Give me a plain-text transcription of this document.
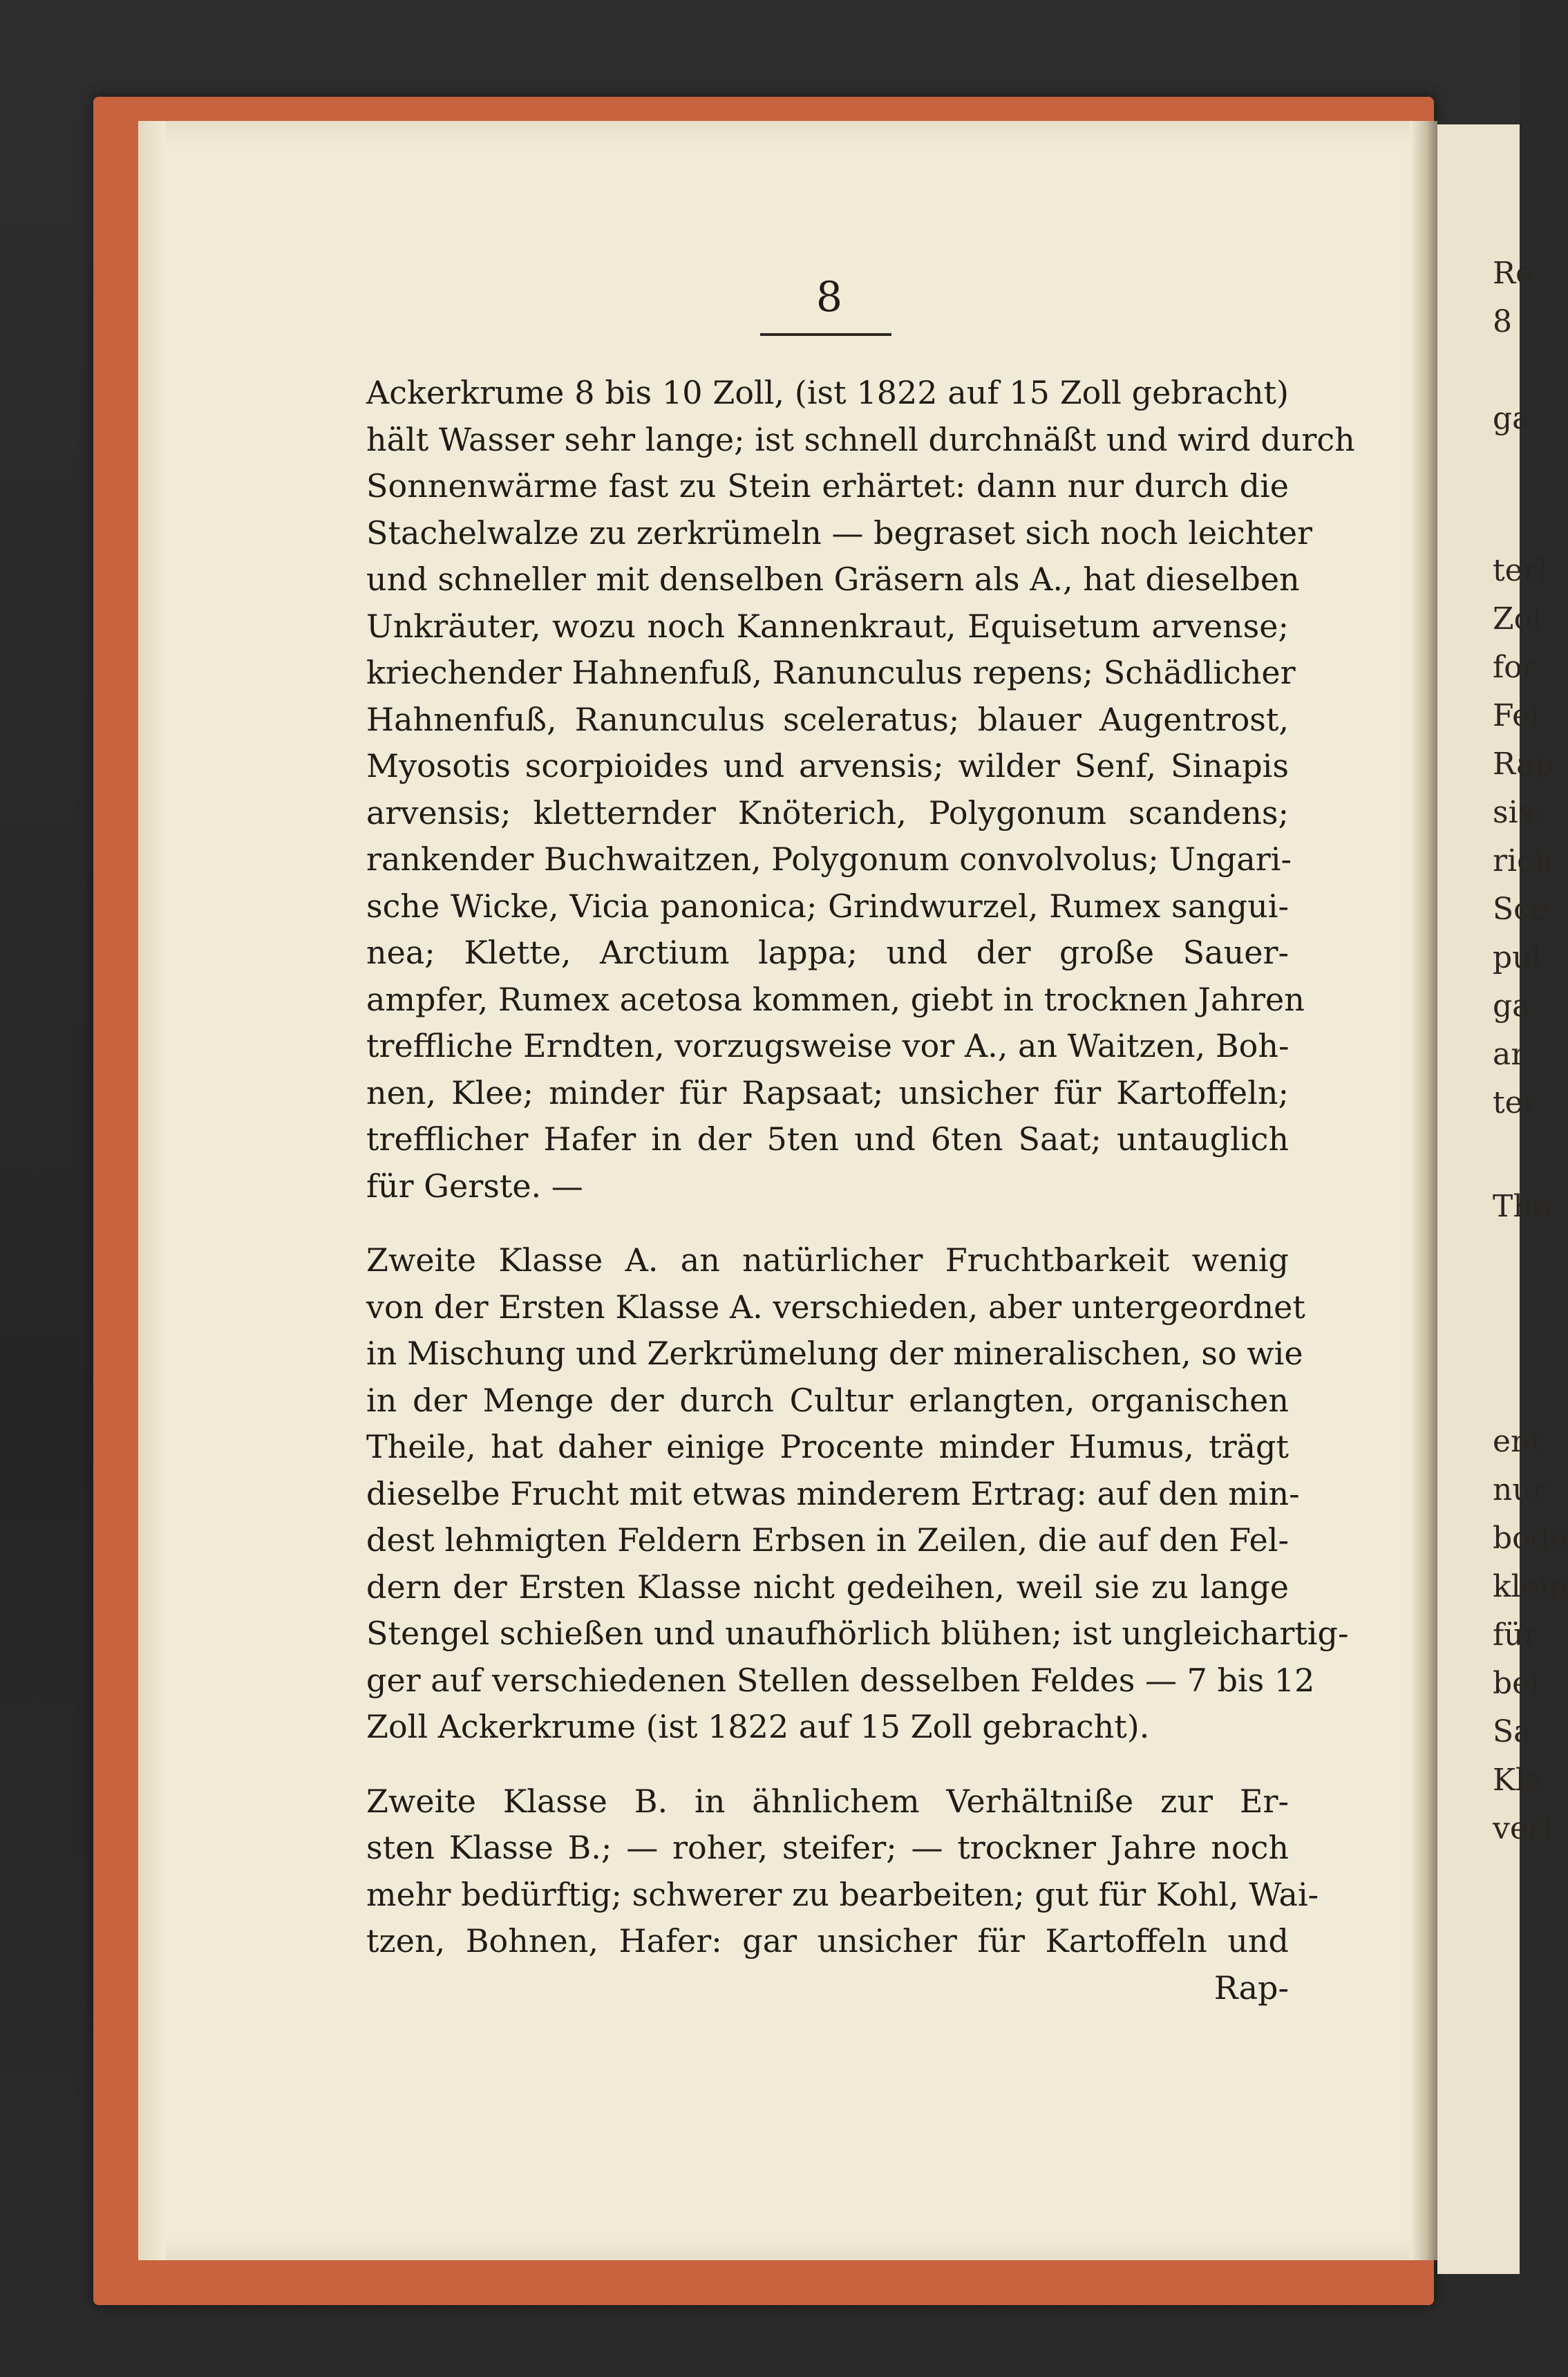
Re
8
ga
terl
Zol
for
Fel
Rap
sis;
rich
Sce
pul
ga
ar
ter.
Tho
ent
nur
bode
klein
für
bei
Sa
Kla
verl
8
Ackerkrume 8 bis 10 Zoll, (ist 1822 auf 15 Zoll gebracht)
hält Wasser sehr lange; ist schnell durchnäßt und wird durch
Sonnenwärme fast zu Stein erhärtet: dann nur durch die
Stachelwalze zu zerkrümeln — begraset sich noch leichter
und schneller mit denselben Gräsern als A., hat dieselben
Unkräuter, wozu noch Kannenkraut, Equisetum arvense;
kriechender Hahnenfuß, Ranunculus repens; Schädlicher
Hahnenfuß, Ranunculus sceleratus; blauer Augentrost,
Myosotis scorpioides und arvensis; wilder Senf, Sinapis
arvensis; kletternder Knöterich, Polygonum scandens;
rankender Buchwaitzen, Polygonum convolvolus; Ungari-
sche Wicke, Vicia panonica; Grindwurzel, Rumex sangui-
nea; Klette, Arctium lappa; und der große Sauer-
ampfer, Rumex acetosa kommen, giebt in trocknen Jahren
treffliche Erndten, vorzugsweise vor A., an Waitzen, Boh-
nen, Klee; minder für Rapsaat; unsicher für Kartoffeln;
trefflicher Hafer in der 5ten und 6ten Saat; untauglich
für Gerste. —
Zweite Klasse A. an natürlicher Fruchtbarkeit wenig
von der Ersten Klasse A. verschieden, aber untergeordnet
in Mischung und Zerkrümelung der mineralischen, so wie
in der Menge der durch Cultur erlangten, organischen
Theile, hat daher einige Procente minder Humus, trägt
dieselbe Frucht mit etwas minderem Ertrag: auf den min-
dest lehmigten Feldern Erbsen in Zeilen, die auf den Fel-
dern der Ersten Klasse nicht gedeihen, weil sie zu lange
Stengel schießen und unaufhörlich blühen; ist ungleichartig-
ger auf verschiedenen Stellen desselben Feldes — 7 bis 12
Zoll Ackerkrume (ist 1822 auf 15 Zoll gebracht).
Zweite Klasse B. in ähnlichem Verhältniße zur Er-
sten Klasse B.; — roher, steifer; — trockner Jahre noch
mehr bedürftig; schwerer zu bearbeiten; gut für Kohl, Wai-
tzen, Bohnen, Hafer: gar unsicher für Kartoffeln und
Rap-
